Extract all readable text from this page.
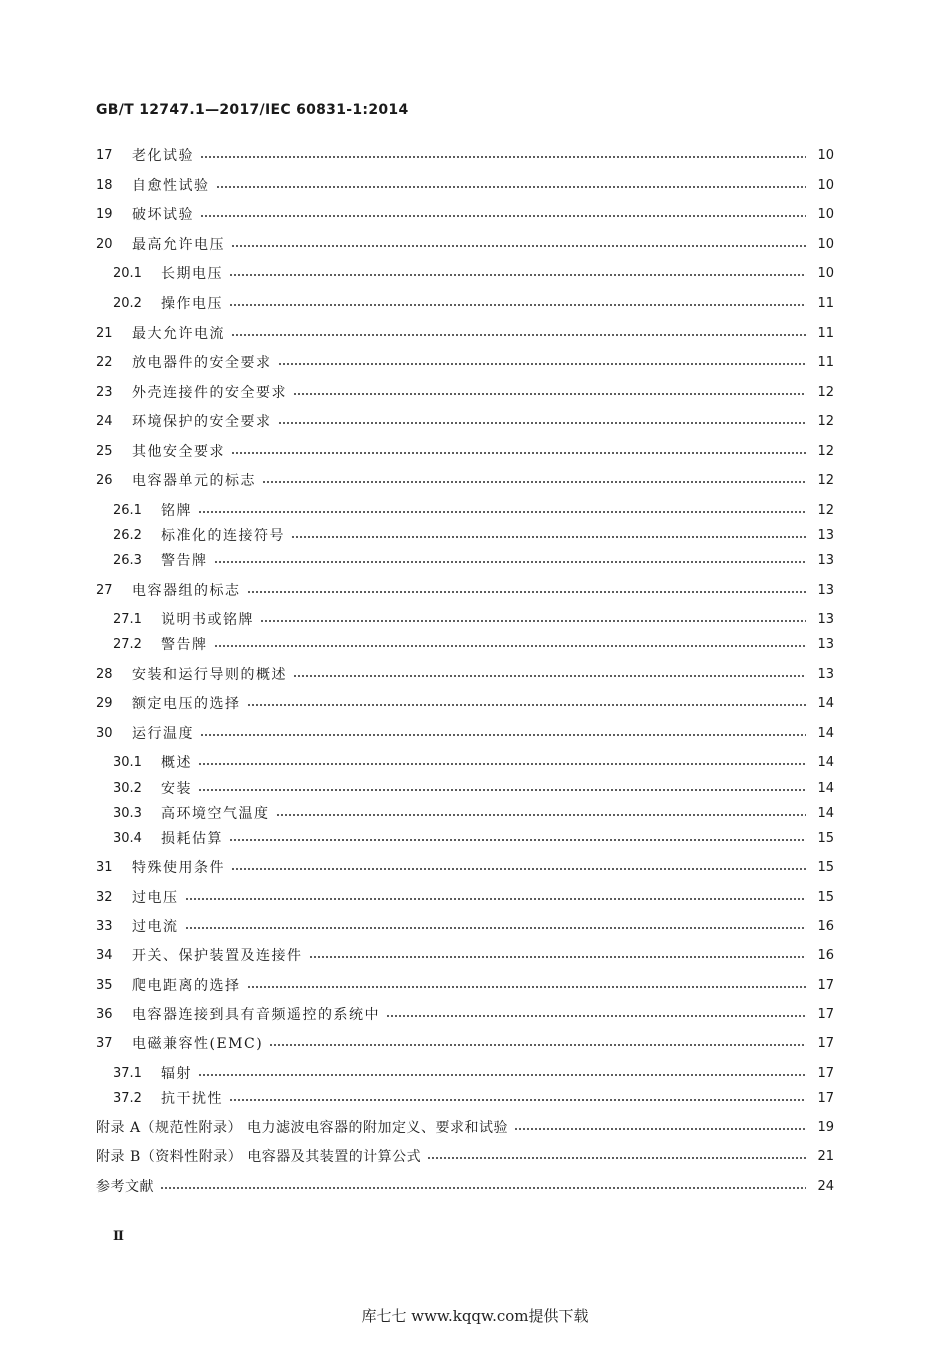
GB/T 12747.1—2017/IEC 60831-1:2014
17	老化试验	10
18	自愈性试验	10
19	破坏试验	10
20	最高允许电压	10
20.1	长期电压	10
20.2	操作电压	11
21	最大允许电流	11
22	放电器件的安全要求	11
23	外壳连接件的安全要求	12
24	环境保护的安全要求	12
25	其他安全要求	12
26	电容器单元的标志	12
26.1	铭牌	12
26.2	标准化的连接符号	13
26.3	警告牌	13
27	电容器组的标志	13
27.1	说明书或铭牌	13
27.2	警告牌	13
28	安装和运行导则的概述	13
29	额定电压的选择	14
30	运行温度	14
30.1	概述	14
30.2	安装	14
30.3	高环境空气温度	14
30.4	损耗估算	15
31	特殊使用条件	15
32	过电压	15
33	过电流	16
34	开关、保护装置及连接件	16
35	爬电距离的选择	17
36	电容器连接到具有音频遥控的系统中	17
37	电磁兼容性(EMC)	17
37.1	辐射	17
37.2	抗干扰性	17
附录 A（规范性附录） 电力滤波电容器的附加定义、要求和试验	19
附录 B（资料性附录） 电容器及其装置的计算公式	21
参考文献	24
Ⅱ
库七七 www.kqqw.com提供下载
